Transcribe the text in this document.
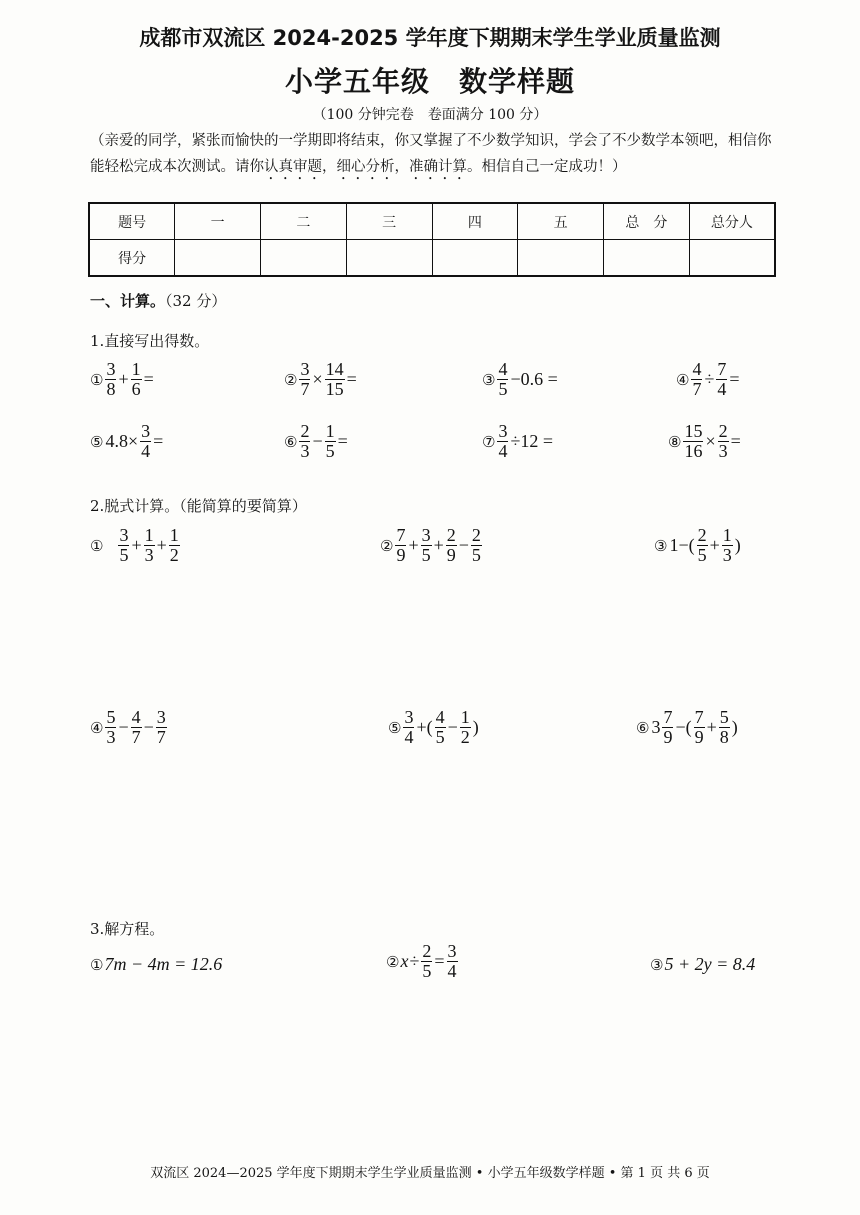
成都市双流区 2024-2025 学年度下期期末学生学业质量监测
小学五年级　数学样题
（100 分钟完卷　卷面满分 100 分）
（亲爱的同学，紧张而愉快的一学期即将结束，你又掌握了不少数学知识，学会了不少数学本领吧，相信你能轻松完成本次测试。请你认真审题，细心分析，准确计算。相信自己一定成功！）
题号	一	二	三	四	五	总　分	总分人
得分							
一、计算。（32 分）
1.直接写出得数。
① $\frac{3}{8} + \frac{1}{6}$ =	② $\frac{3}{7} \times \frac{14}{15}$ =	③ $\frac{4}{5} -0.6$ =	④ $\frac{4}{7} \div \frac{7}{4}$ =
⑤ $4.8\times \frac{3}{4}$ =	⑥ $\frac{2}{3} - \frac{1}{5}$ =	⑦ $\frac{3}{4} \div 12$ =	⑧ $\frac{15}{16} \times \frac{2}{3}$ =
2.脱式计算。（能简算的要简算）
① $\frac{3}{5} + \frac{1}{3} + \frac{1}{2}$	② $\frac{7}{9} + \frac{3}{5} + \frac{2}{9} - \frac{2}{5}$	③ $1-( \frac{2}{5} + \frac{1}{3}$ )
④ $\frac{5}{3} - \frac{4}{7} - \frac{3}{7}$	⑤ $\frac{3}{4}$ +( $\frac{4}{5} - \frac{1}{2}$ )	⑥ $3 \frac{7}{9}$ −( $\frac{7}{9} + \frac{5}{8}$ )
3.解方程。
① 7m − 4m = 12.6	② $x \div \frac{2}{5} = \frac{3}{4}$	③ 5 + 2y = 8.4
双流区 2024—2025 学年度下期期末学生学业质量监测 • 小学五年级数学样题 • 第 1 页 共 6 页
